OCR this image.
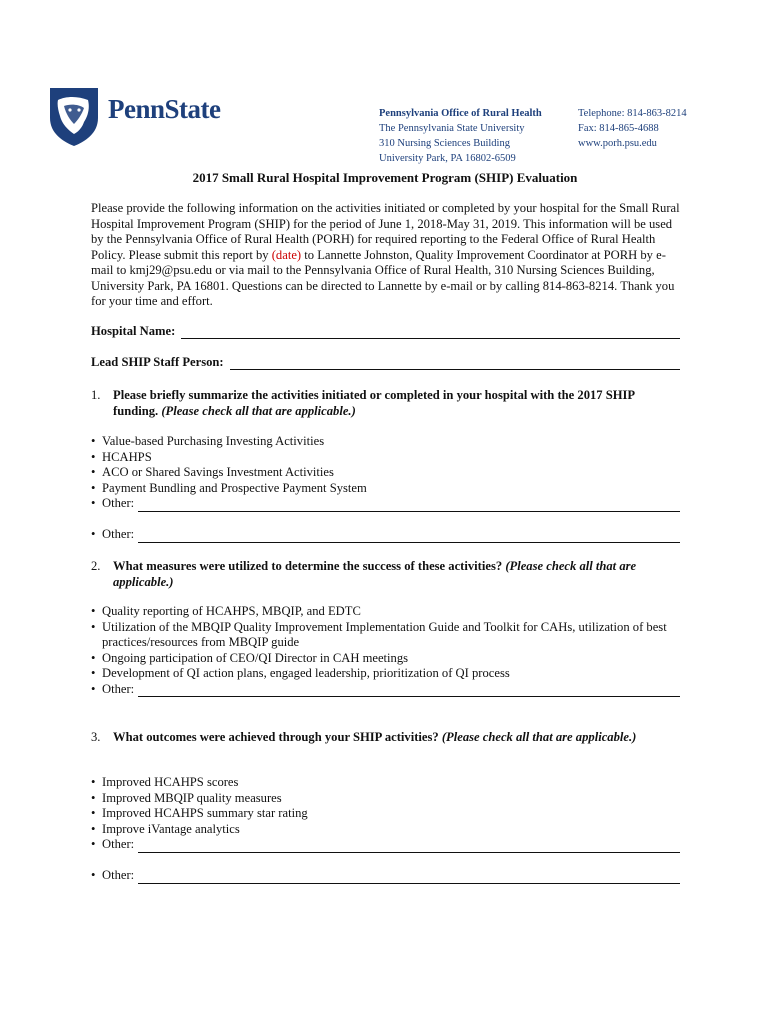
PennState	Pennsylvania Office of Rural Health
The Pennsylvania State University
310 Nursing Sciences Building
University Park, PA 16802-6509
Telephone: 814-863-8214
Fax: 814-865-4688
www.porh.psu.edu
2017 Small Rural Hospital Improvement Program (SHIP) Evaluation
Please provide the following information on the activities initiated or completed by your hospital for the Small Rural Hospital Improvement Program (SHIP) for the period of June 1, 2018-May 31, 2019. This information will be used by the Pennsylvania Office of Rural Health (PORH) for required reporting to the Federal Office of Rural Health Policy. Please submit this report by (date) to Lannette Johnston, Quality Improvement Coordinator at PORH by e-mail to kmj29@psu.edu or via mail to the Pennsylvania Office of Rural Health, 310 Nursing Sciences Building, University Park, PA 16801. Questions can be directed to Lannette by e-mail or by calling 814-863-8214. Thank you for your time and effort.
Hospital Name:
Lead SHIP Staff Person:
1. Please briefly summarize the activities initiated or completed in your hospital with the 2017 SHIP funding. (Please check all that are applicable.)
• Value-based Purchasing Investing Activities
• HCAHPS
• ACO or Shared Savings Investment Activities
• Payment Bundling and Prospective Payment System
• Other:
• Other:
2. What measures were utilized to determine the success of these activities? (Please check all that are applicable.)
• Quality reporting of HCAHPS, MBQIP, and EDTC
• Utilization of the MBQIP Quality Improvement Implementation Guide and Toolkit for CAHs, utilization of best practices/resources from MBQIP guide
• Ongoing participation of CEO/QI Director in CAH meetings
• Development of QI action plans, engaged leadership, prioritization of QI process
• Other:
3. What outcomes were achieved through your SHIP activities? (Please check all that are applicable.)
• Improved HCAHPS scores
• Improved MBQIP quality measures
• Improved HCAHPS summary star rating
• Improve iVantage analytics
• Other:
• Other:
